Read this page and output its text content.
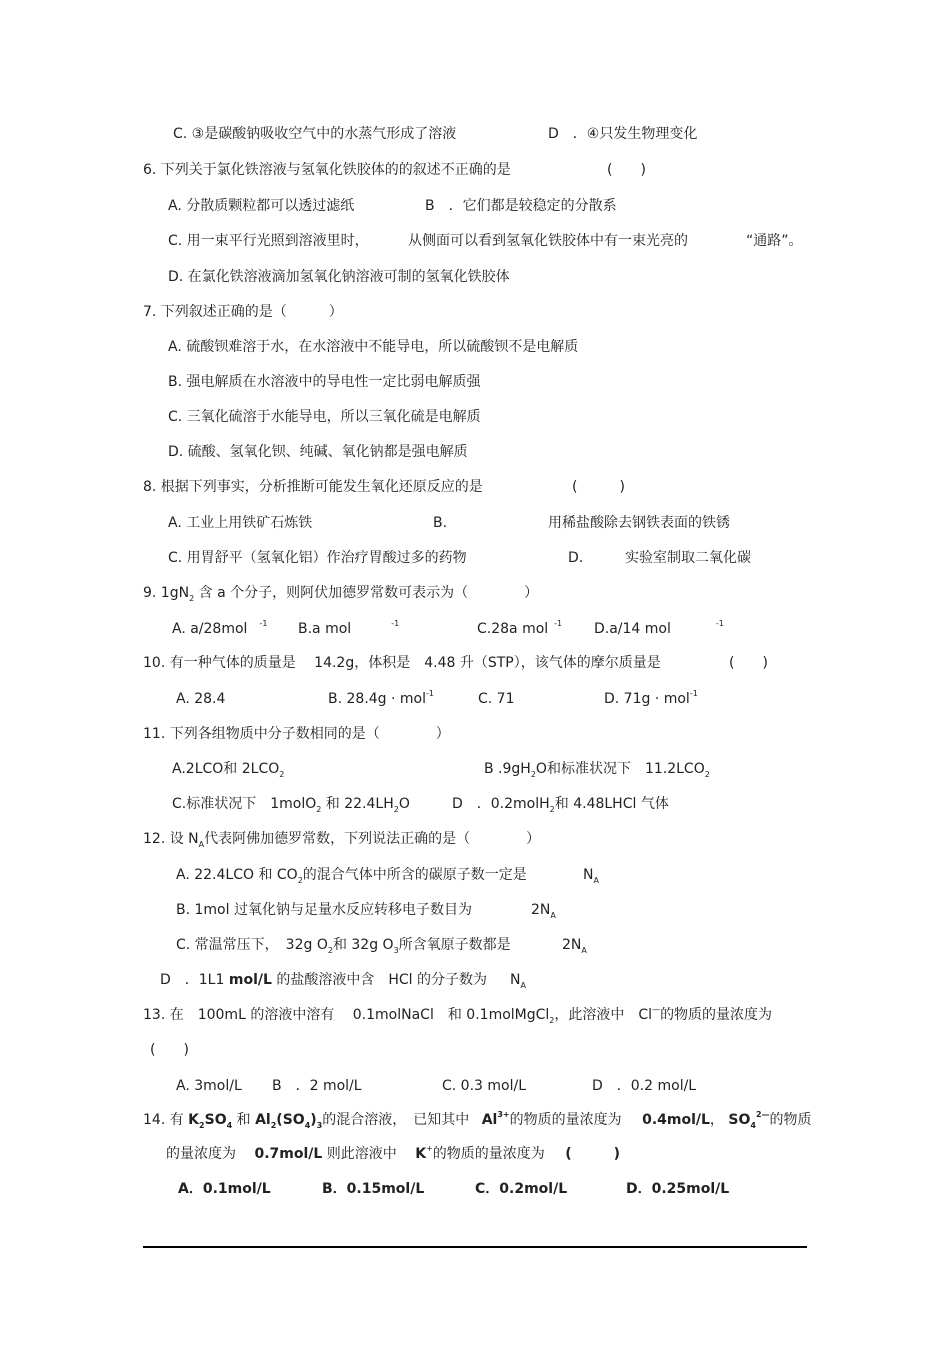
C. ③是碳酸钠吸收空气中的水蒸气形成了溶液	D　．④只发生物理变化
6. 下列关于氯化铁溶液与氢氧化铁胶体的的叙述不正确的是	(　　)
A. 分散质颗粒都可以透过滤纸	B　．它们都是较稳定的分散系
C. 用一束平行光照到溶液里时，	从侧面可以看到氢氧化铁胶体中有一束光亮的	“通路”。
D. 在氯化铁溶液滴加氢氧化钠溶液可制的氢氧化铁胶体
7. 下列叙述正确的是（　　　）
A. 硫酸钡难溶于水，在水溶液中不能导电，所以硫酸钡不是电解质
B. 强电解质在水溶液中的导电性一定比弱电解质强
C. 三氧化硫溶于水能导电，所以三氧化硫是电解质
D. 硫酸、氢氧化钡、纯碱、氧化钠都是强电解质
8. 根据下列事实，分析推断可能发生氧化还原反应的是	(　　　)
A. 工业上用铁矿石炼铁	B.	用稀盐酸除去钢铁表面的铁锈
C. 用胃舒平（氢氧化铝）作治疗胃酸过多的药物	D.	实验室制取二氧化碳
9. $1gN_2$ 含 a 个分子，则阿伏加德罗常数可表示为（　　　　）
A. a/28mol $^{-1}$ B.a mol	$^{-1}$	C.28a mol $^{-1}$ D.a/14 mol	$^{-1}$
10. 有一种气体的质量是　 14.2g，体积是　4.48 升（STP），该气体的摩尔质量是	(　　)
A. 28.4	B. 28.4g · mol$^{-1}$	C. 71	D. 71g · mol$^{-1}$
11. 下列各组物质中分子数相同的是（　　　　）
A.2LCO和 $2LCO_2$	B $.9gH_2O$和标准状况下　$11.2LCO_2$
C.标准状况下　1molO$_2$ 和 $22.4LH_2O$	D　．0.2molH$_2$和 4.48LHCl 气体
12. 设 $N_A$代表阿佛加德罗常数，下列说法正确的是（　　　　）
A. 22.4LCO 和 $CO_2$的混合气体中所含的碳原子数一定是	$N_A$
B. 1mol 过氧化钠与足量水反应转移电子数目为	$2N_A$
C. 常温常压下，　32g $O_2$和 32g $O_3$所含氧原子数都是	$2N_A$
D　．1L1 mol/L 的盐酸溶液中含　HCl 的分子数为 $N_A$
13. 在　100mL 的溶液中溶有　 0.1molNaCl　和 0.1molMgCl$_2$，此溶液中　Cl—的物质的量浓度为
(　　)
A. 3mol/L B　．2 mol/L	C. 0.3 mol/L	D　．0.2 mol/L
14. 有 $K_2SO_4$ 和 $Al_2(SO_4)_3$的混合溶液，　已知其中 $Al^{3+}$的物质的量浓度为 0.4mol/L， $SO_4^{2—}$的物质
的量浓度为 0.7mol/L 则此溶液中 K+的物质的量浓度为 (　　　)
A．0.1mol/L	B．0.15mol/L	C．0.2mol/L	D．0.25mol/L
